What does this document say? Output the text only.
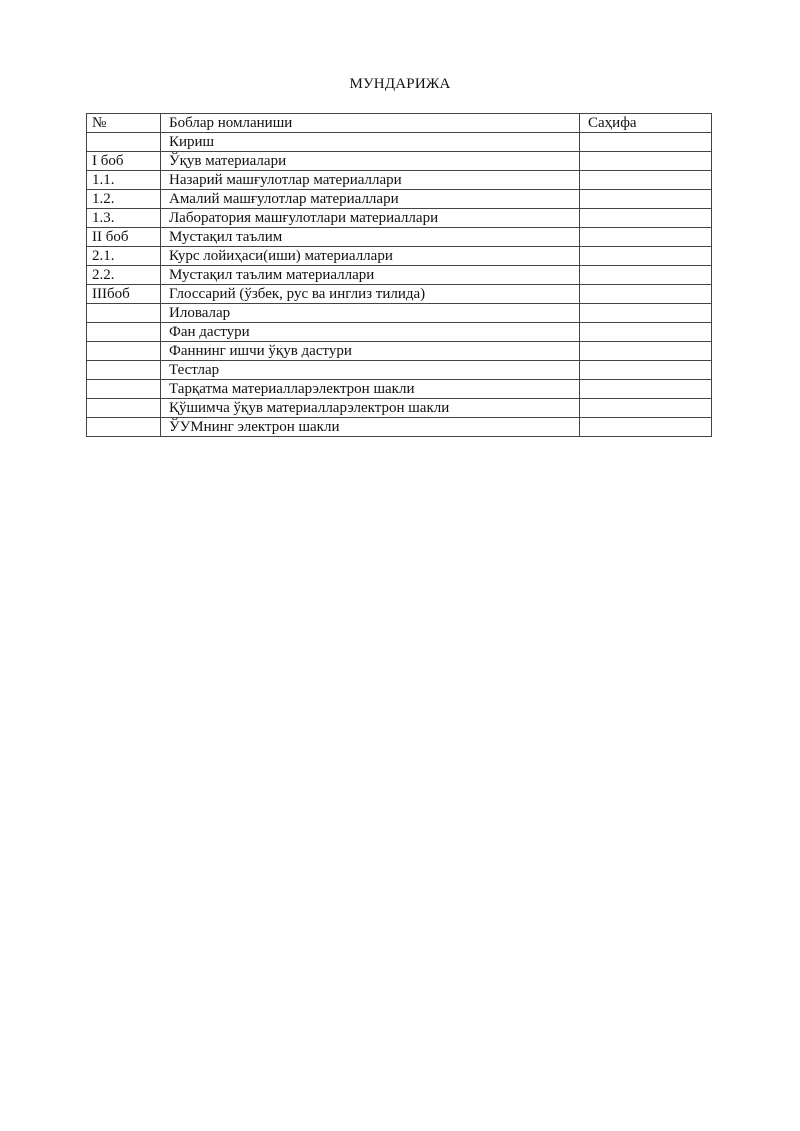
МУНДАРИЖА
№	Боблар номланиши	Саҳифа
	Кириш	
I боб	Ўқув материалари	
1.1.	Назарий машғулотлар материаллари	
1.2.	Амалий машғулотлар материаллари	
1.3.	Лаборатория машғулотлари материаллари	
II боб	Мустақил таълим	
2.1.	Курс лойиҳаси(иши) материаллари	
2.2.	Мустақил таълим материаллари	
IIIбоб	Глоссарий (ўзбек, рус ва инглиз тилида)	
	Иловалар	
	Фан дастури	
	Фаннинг ишчи ўқув дастури	
	Тестлар	
	Тарқатма материалларэлектрон шакли	
	Қўшимча ўқув материалларэлектрон шакли	
	ЎУМнинг электрон шакли	
